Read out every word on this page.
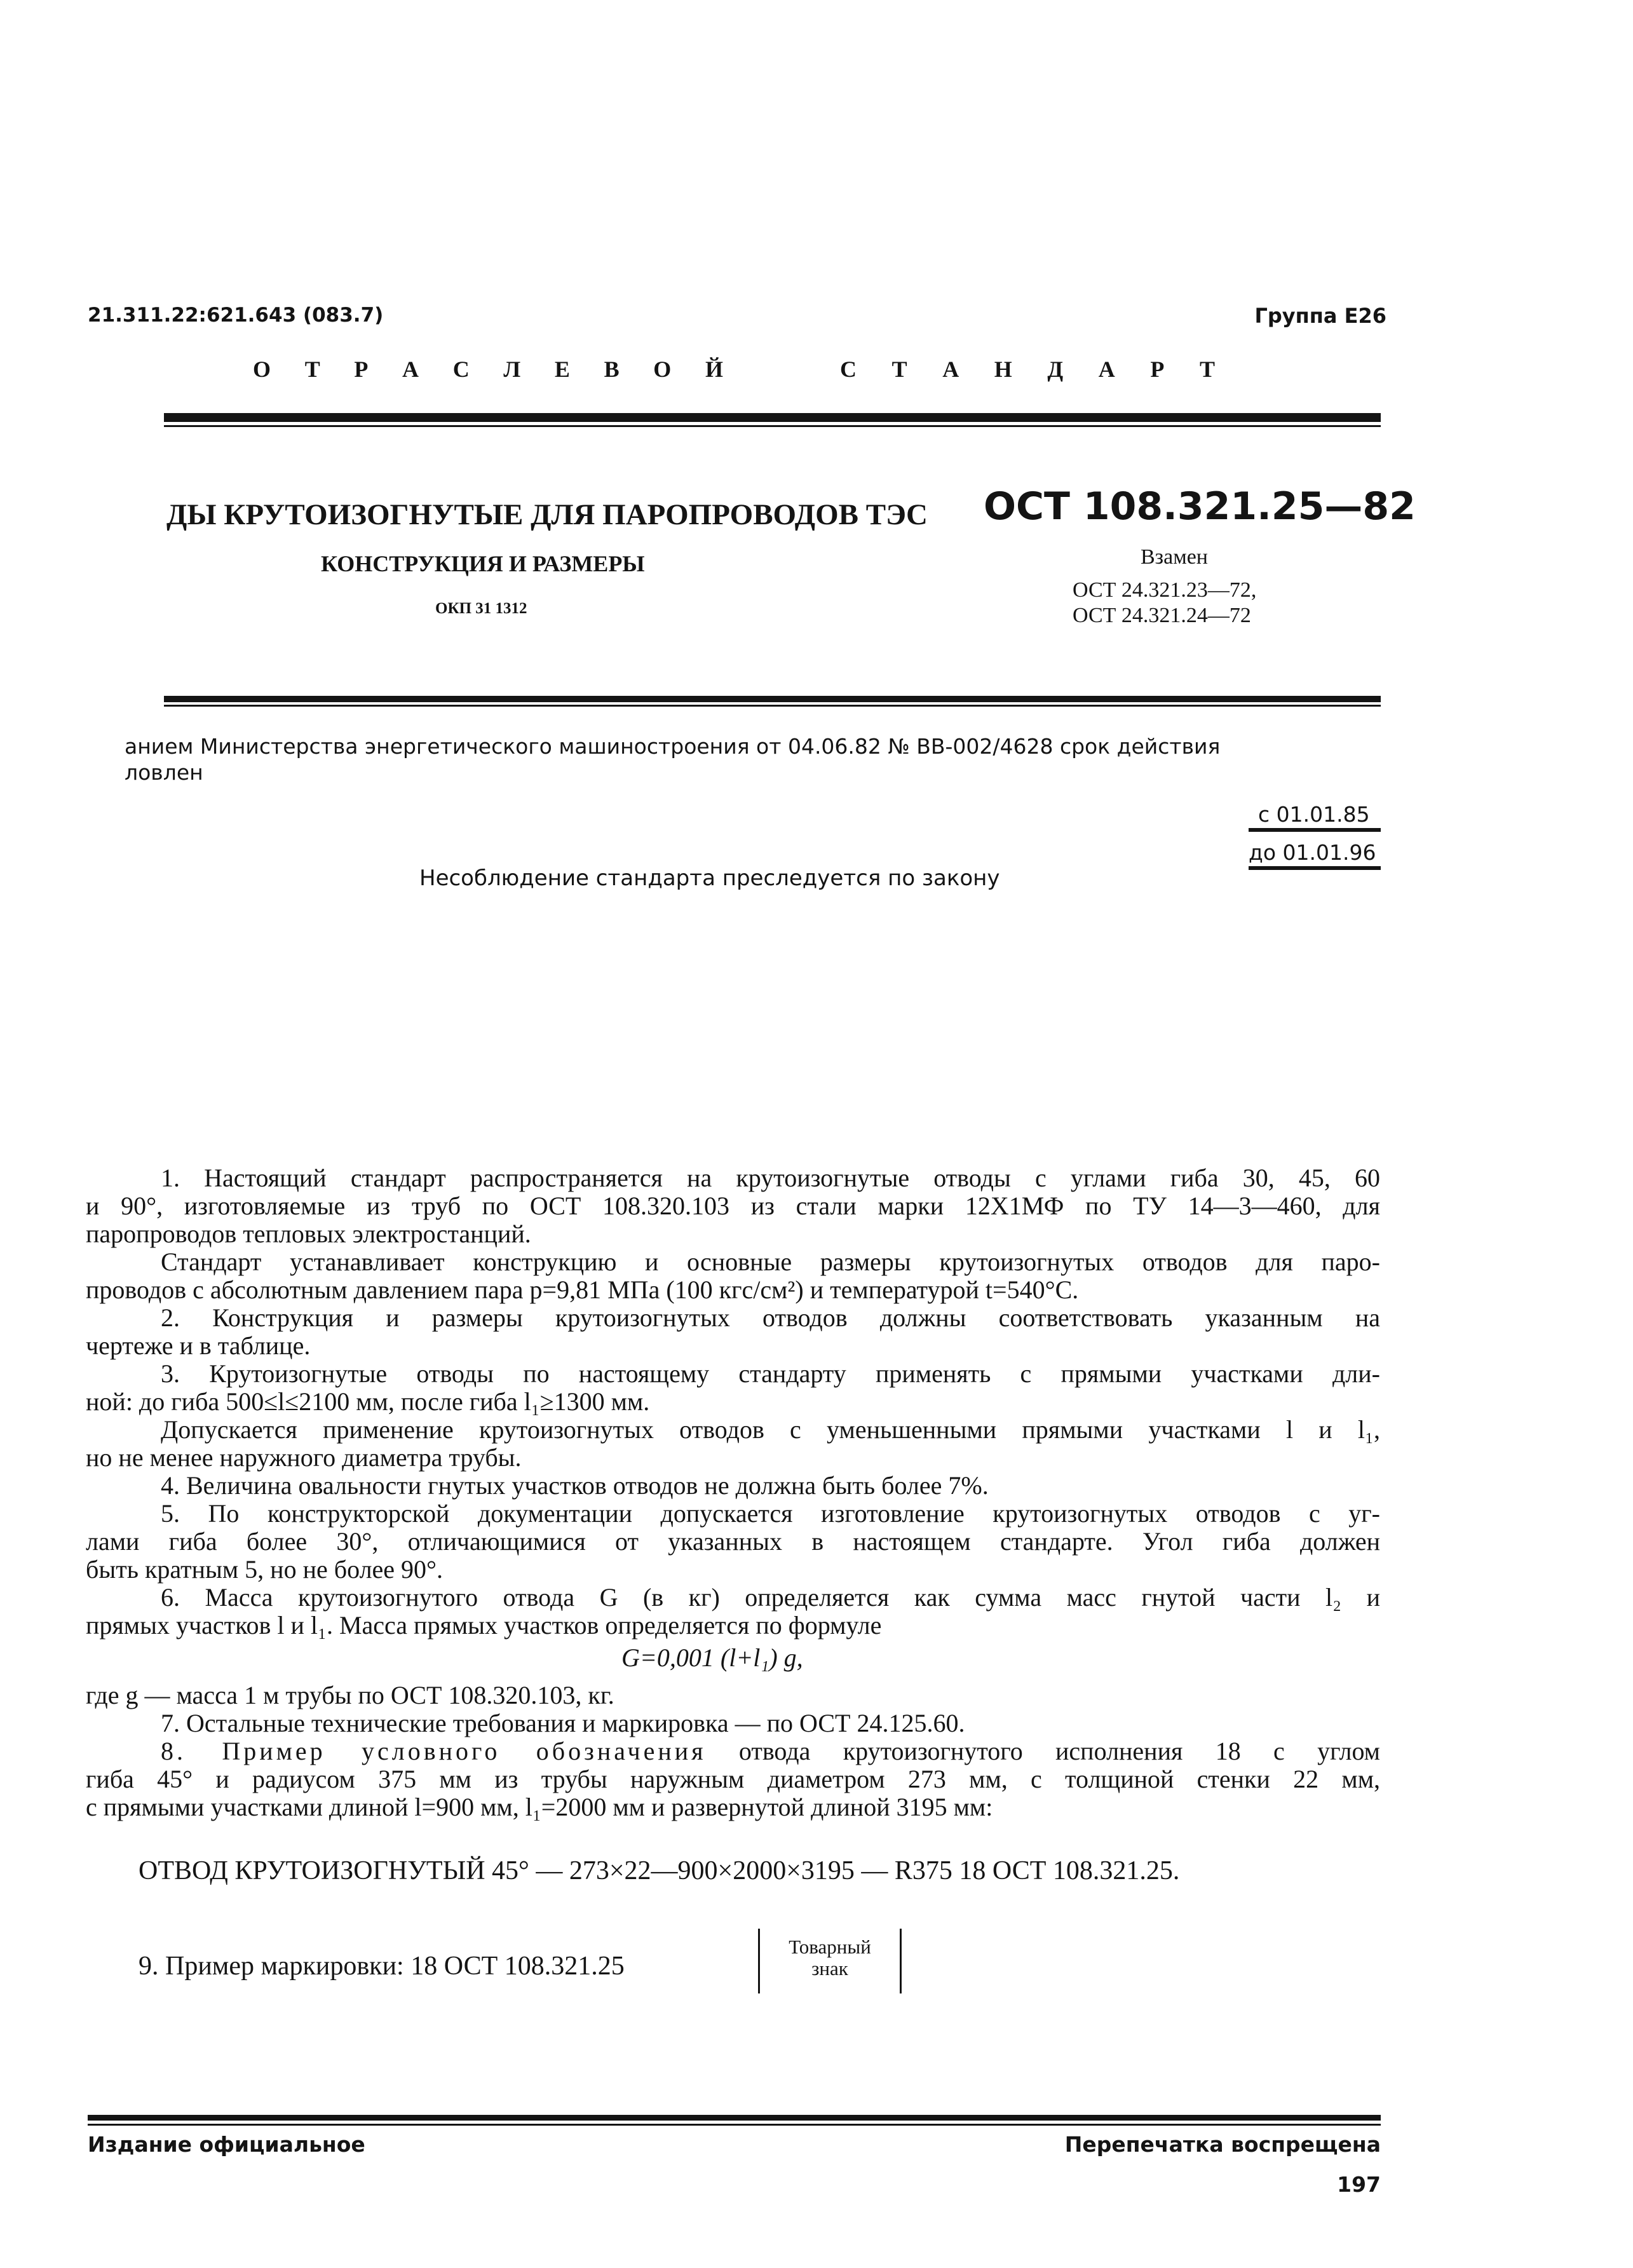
21.311.22:621.643 (083.7)	Группа Е26
О Т Р А С Л Е В О Й	С Т А Н Д А Р Т
ДЫ КРУТОИЗОГНУТЫЕ ДЛЯ ПАРОПРОВОДОВ ТЭС
КОНСТРУКЦИЯ И РАЗМЕРЫ
ОКП 31 1312
ОСТ 108.321.25—82
Взамен
ОСТ 24.321.23—72,
ОСТ 24.321.24—72
анием Министерства энергетического машиностроения от 04.06.82 № ВВ-002/4628 срок действия
ловлен
с 01.01.85
до 01.01.96
Несоблюдение стандарта преследуется по закону
1. Настоящий стандарт распространяется на крутоизогнутые отводы с углами гиба 30, 45, 60
и 90°, изготовляемые из труб по ОСТ 108.320.103 из стали марки 12Х1МФ по ТУ 14—3—460, для
паропроводов тепловых электростанций.
Стандарт устанавливает конструкцию и основные размеры крутоизогнутых отводов для паро-
проводов с абсолютным давлением пара p=9,81 МПа (100 кгс/см²) и температурой t=540°С.
2. Конструкция и размеры крутоизогнутых отводов должны соответствовать указанным на
чертеже и в таблице.
3. Крутоизогнутые отводы по настоящему стандарту применять с прямыми участками дли-
ной: до гиба 500≤l≤2100 мм, после гиба l₁≥1300 мм.
Допускается применение крутоизогнутых отводов с уменьшенными прямыми участками l и l₁,
но не менее наружного диаметра трубы.
4. Величина овальности гнутых участков отводов не должна быть более 7%.
5. По конструкторской документации допускается изготовление крутоизогнутых отводов с уг-
лами гиба более 30°, отличающимися от указанных в настоящем стандарте. Угол гиба должен
быть кратным 5, но не более 90°.
6. Масса крутоизогнутого отвода G (в кг) определяется как сумма масс гнутой части l₂ и
прямых участков l и l₁. Масса прямых участков определяется по формуле
G=0,001 (l+l₁) g,
где g — масса 1 м трубы по ОСТ 108.320.103, кг.
7. Остальные технические требования и маркировка — по ОСТ 24.125.60.
8. Пример условного обозначения отвода крутоизогнутого исполнения 18 с углом
гиба 45° и радиусом 375 мм из трубы наружным диаметром 273 мм, с толщиной стенки 22 мм,
с прямыми участками длиной l=900 мм, l₁=2000 мм и развернутой длиной 3195 мм:
ОТВОД КРУТОИЗОГНУТЫЙ 45° — 273×22—900×2000×3195 — R375 18 ОСТ 108.321.25.
9. Пример маркировки: 18 ОСТ 108.321.25
Товарный знак
Издание официальное	Перепечатка воспрещена
197
